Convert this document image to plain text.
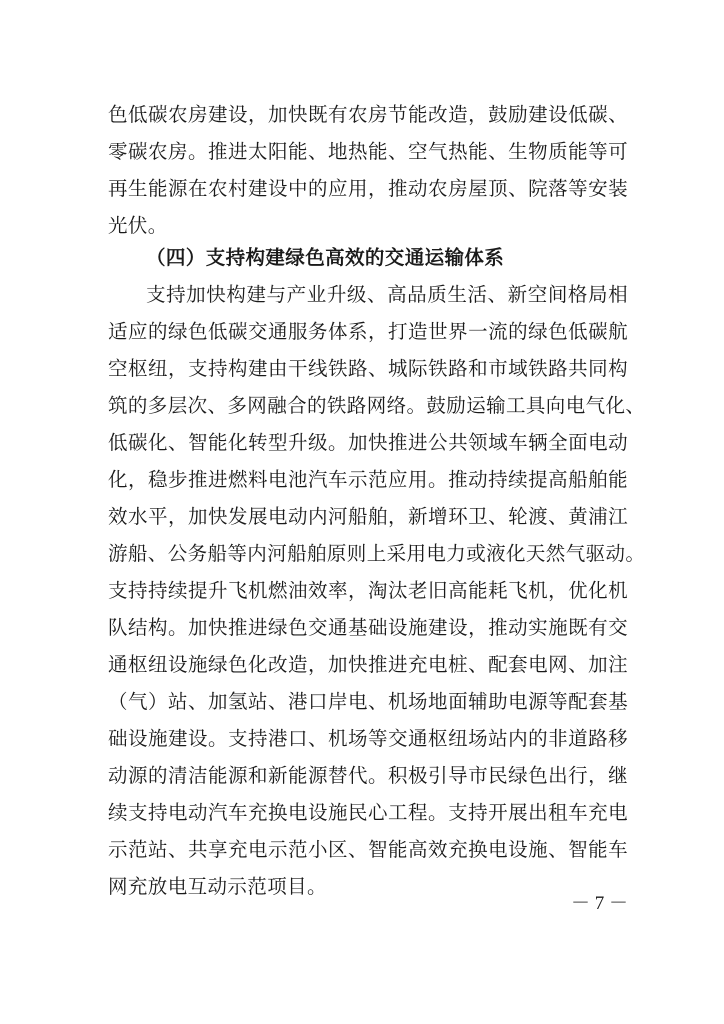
色低碳农房建设，加快既有农房节能改造，鼓励建设低碳、
零碳农房。推进太阳能、地热能、空气热能、生物质能等可
再生能源在农村建设中的应用，推动农房屋顶、院落等安装
光伏。
（四）支持构建绿色高效的交通运输体系
支持加快构建与产业升级、高品质生活、新空间格局相
适应的绿色低碳交通服务体系，打造世界一流的绿色低碳航
空枢纽，支持构建由干线铁路、城际铁路和市域铁路共同构
筑的多层次、多网融合的铁路网络。鼓励运输工具向电气化、
低碳化、智能化转型升级。加快推进公共领域车辆全面电动
化，稳步推进燃料电池汽车示范应用。推动持续提高船舶能
效水平，加快发展电动内河船舶，新增环卫、轮渡、黄浦江
游船、公务船等内河船舶原则上采用电力或液化天然气驱动。
支持持续提升飞机燃油效率，淘汰老旧高能耗飞机，优化机
队结构。加快推进绿色交通基础设施建设，推动实施既有交
通枢纽设施绿色化改造，加快推进充电桩、配套电网、加注
（气）站、加氢站、港口岸电、机场地面辅助电源等配套基
础设施建设。支持港口、机场等交通枢纽场站内的非道路移
动源的清洁能源和新能源替代。积极引导市民绿色出行，继
续支持电动汽车充换电设施民心工程。支持开展出租车充电
示范站、共享充电示范小区、智能高效充换电设施、智能车
网充放电互动示范项目。
－ 7 －
